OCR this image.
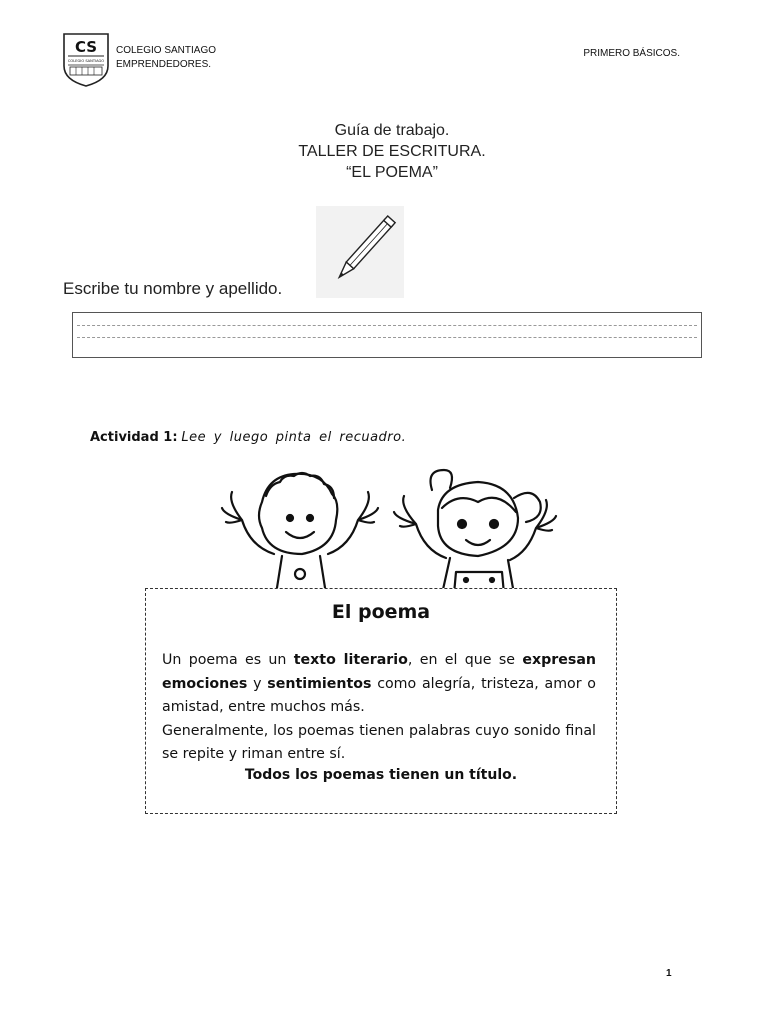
CS
COLEGIO SANTIAGO
COLEGIO SANTIAGO
EMPRENDEDORES.
PRIMERO BÁSICOS.
Guía de trabajo.
TALLER DE ESCRITURA.
“EL POEMA”
Escribe tu nombre y apellido.
Actividad 1: Lee y luego pinta el recuadro.
El poema
Un poema es un texto literario, en el que se expresan emociones y sentimientos como alegría, tristeza, amor o amistad, entre muchos más.
Generalmente, los poemas tienen palabras cuyo sonido final se repite y riman entre sí.
Todos los poemas tienen un título.
1
